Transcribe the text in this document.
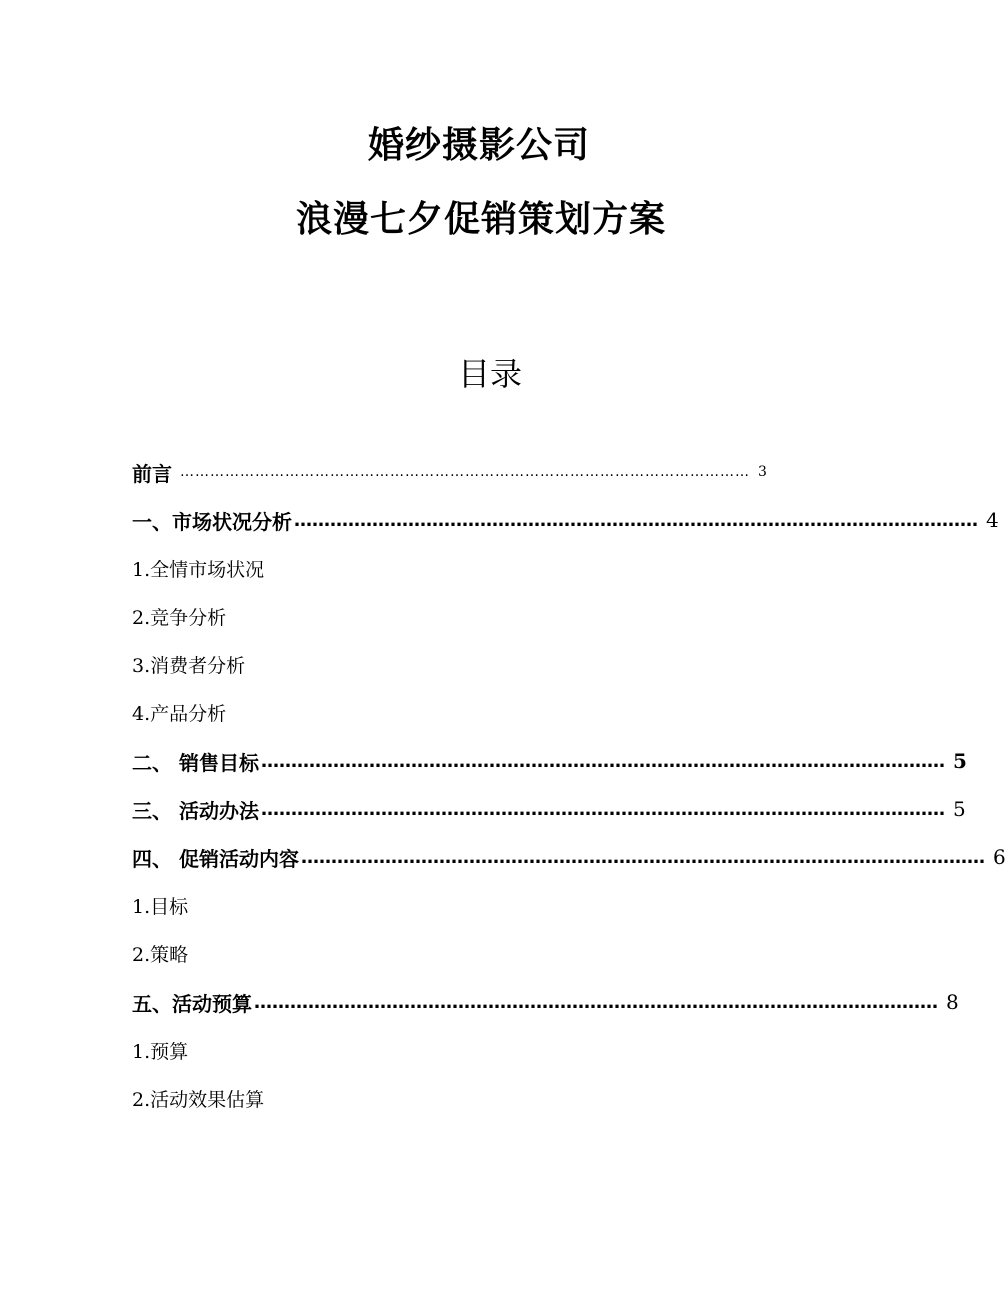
婚纱摄影公司
浪漫七夕促销策划方案
目录
前言 …………………………………………………………………………………………………… 3
一、市场状况分析 …………………………………………………………………………………………………… 4
1.全情市场状况
2.竞争分析
3.消费者分析
4.产品分析
二、 销售目标 …………………………………………………………………………………………………… 5
三、 活动办法 …………………………………………………………………………………………………… 5
四、 促销活动内容 …………………………………………………………………………………………………… 6
1.目标
2.策略
五、活动预算 …………………………………………………………………………………………………… 8
1.预算
2.活动效果估算
